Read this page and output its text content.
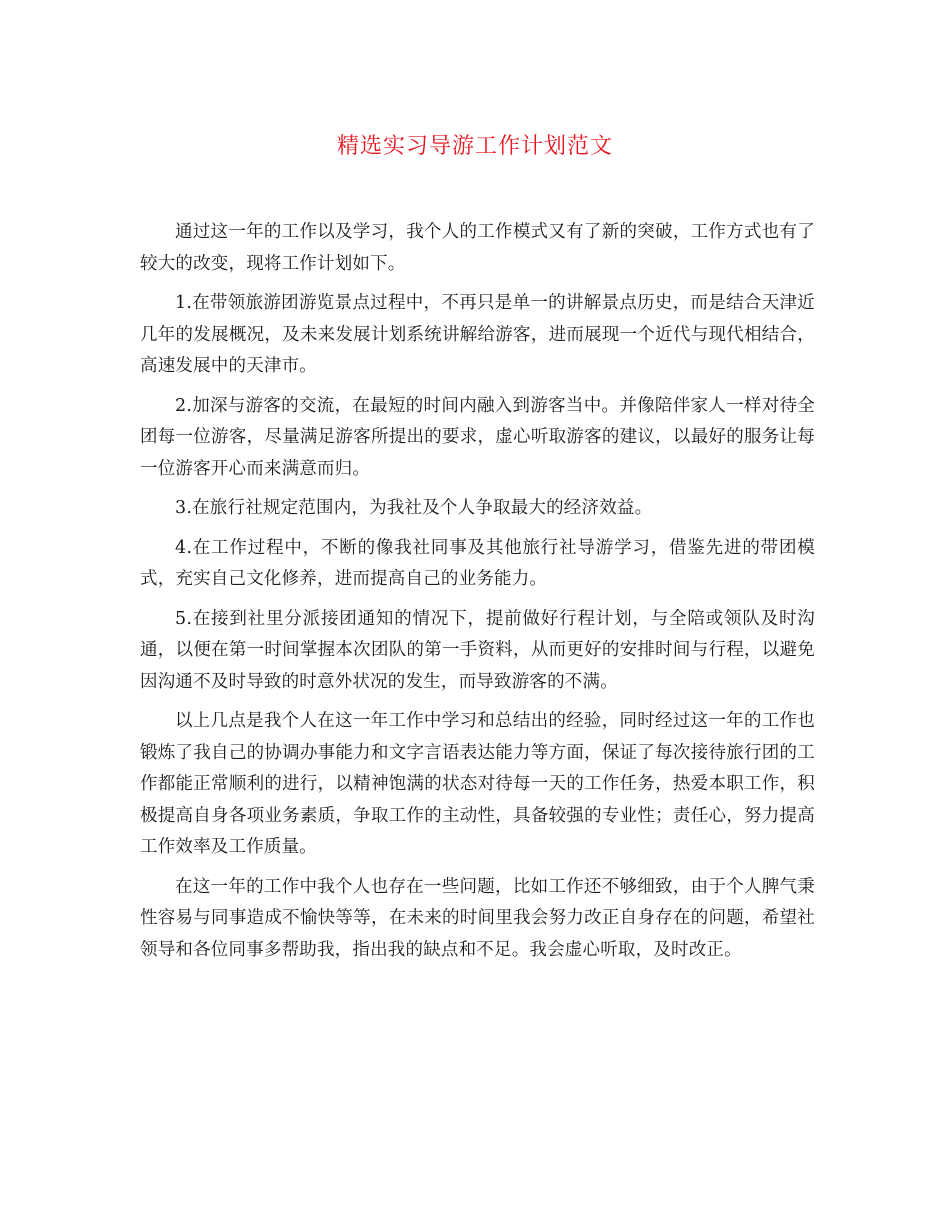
精选实习导游工作计划范文

通过这一年的工作以及学习，我个人的工作模式又有了新的突破，工作方式也有了较大的改变，现将工作计划如下。

1.在带领旅游团游览景点过程中，不再只是单一的讲解景点历史，而是结合天津近几年的发展概况，及未来发展计划系统讲解给游客，进而展现一个近代与现代相结合，高速发展中的天津市。

2.加深与游客的交流，在最短的时间内融入到游客当中。并像陪伴家人一样对待全团每一位游客，尽量满足游客所提出的要求，虚心听取游客的建议，以最好的服务让每一位游客开心而来满意而归。

3.在旅行社规定范围内，为我社及个人争取最大的经济效益。

4.在工作过程中，不断的像我社同事及其他旅行社导游学习，借鉴先进的带团模式，充实自己文化修养，进而提高自己的业务能力。

5.在接到社里分派接团通知的情况下，提前做好行程计划，与全陪或领队及时沟通，以便在第一时间掌握本次团队的第一手资料，从而更好的安排时间与行程，以避免因沟通不及时导致的时意外状况的发生，而导致游客的不满。

以上几点是我个人在这一年工作中学习和总结出的经验，同时经过这一年的工作也锻炼了我自己的协调办事能力和文字言语表达能力等方面，保证了每次接待旅行团的工作都能正常顺利的进行，以精神饱满的状态对待每一天的工作任务，热爱本职工作，积极提高自身各项业务素质，争取工作的主动性，具备较强的专业性；责任心，努力提高工作效率及工作质量。

在这一年的工作中我个人也存在一些问题，比如工作还不够细致，由于个人脾气秉性容易与同事造成不愉快等等，在未来的时间里我会努力改正自身存在的问题，希望社领导和各位同事多帮助我，指出我的缺点和不足。我会虚心听取，及时改正。
